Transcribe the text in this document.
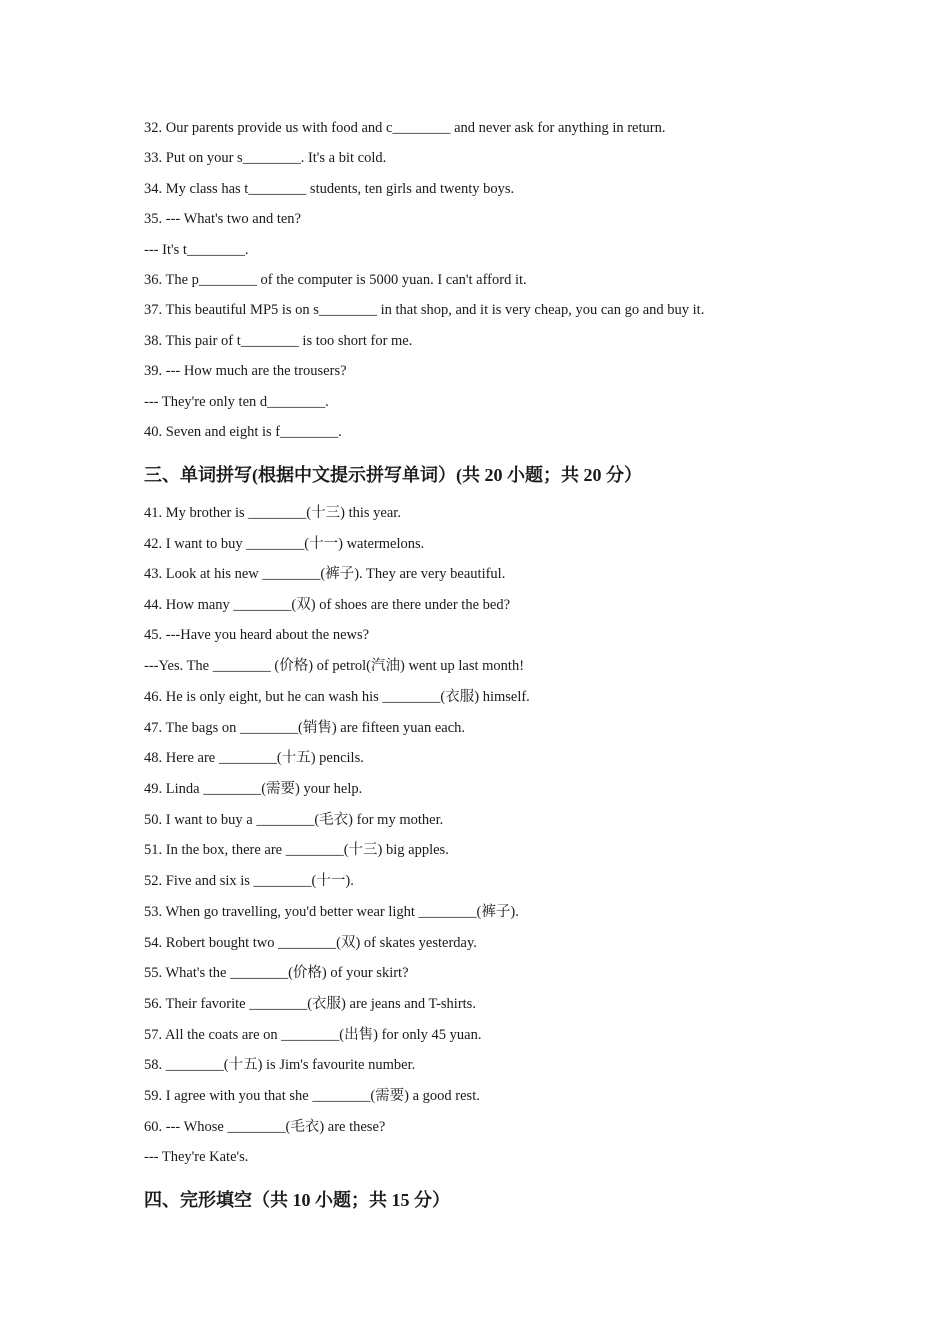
32. Our parents provide us with food and c________ and never ask for anything in return.
33. Put on your s________. It's a bit cold.
34. My class has t________ students, ten girls and twenty boys.
35. --- What's two and ten?
--- It's t________.
36. The p________ of the computer is 5000 yuan. I can't afford it.
37. This beautiful MP5 is on s________ in that shop, and it is very cheap, you can go and buy it.
38. This pair of t________ is too short for me.
39. --- How much are the trousers?
--- They're only ten d________.
40. Seven and eight is f________.
三、单词拼写(根据中文提示拼写单词）(共 20 小题；共 20 分）
41. My brother is ________(十三) this year.
42. I want to buy ________(十一) watermelons.
43. Look at his new ________(裤子). They are very beautiful.
44. How many ________(双) of shoes are there under the bed?
45. ---Have you heard about the news?
---Yes. The ________ (价格) of petrol(汽油) went up last month!
46. He is only eight, but he can wash his ________(衣服) himself.
47. The bags on ________(销售) are fifteen yuan each.
48. Here are ________(十五) pencils.
49. Linda ________(需要) your help.
50. I want to buy a ________(毛衣) for my mother.
51. In the box, there are ________(十三) big apples.
52. Five and six is ________(十一).
53. When go travelling, you'd better wear light ________(裤子).
54. Robert bought two ________(双) of skates yesterday.
55. What's the ________(价格) of your skirt?
56. Their favorite ________(衣服) are jeans and T-shirts.
57. All the coats are on ________(出售) for only 45 yuan.
58. ________(十五) is Jim's favourite number.
59. I agree with you that she ________(需要) a good rest.
60. --- Whose ________(毛衣) are these?
--- They're Kate's.
四、完形填空（共 10 小题；共 15 分）
